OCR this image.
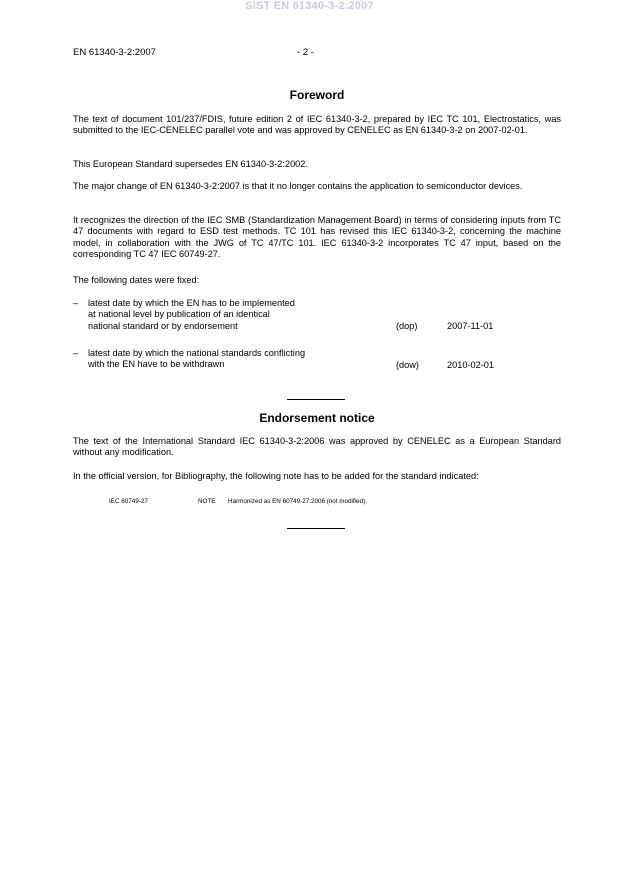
SIST EN 61340-3-2:2007
EN 61340-3-2:2007	- 2 -
Foreword

The text of document 101/237/FDIS, future edition 2 of IEC 61340-3-2, prepared by IEC TC 101, Electrostatics, was submitted to the IEC-CENELEC parallel vote and was approved by CENELEC as EN 61340-3-2 on 2007-02-01.

This European Standard supersedes EN 61340-3-2:2002.

The major change of EN 61340-3-2:2007 is that it no longer contains the application to semiconductor devices.

It recognizes the direction of the IEC SMB (Standardization Management Board) in terms of considering inputs from TC 47 documents with regard to ESD test methods. TC 101 has revised this IEC 61340-3-2, concerning the machine model, in collaboration with the JWG of TC 47/TC 101. IEC 61340-3-2 incorporates TC 47 input, based on the corresponding TC 47 IEC 60749-27.

The following dates were fixed:

– latest date by which the EN has to be implemented
at national level by publication of an identical
national standard or by endorsement	(dop)	2007-11-01
– latest date by which the national standards conflicting
with the EN have to be withdrawn	(dow)	2010-02-01
Endorsement notice

The text of the International Standard IEC 61340-3-2:2006 was approved by CENELEC as a European Standard without any modification.

In the official version, for Bibliography, the following note has to be added for the standard indicated:

IEC 60749-27	NOTE Harmonized as EN 60749-27:2006 (not modified).
